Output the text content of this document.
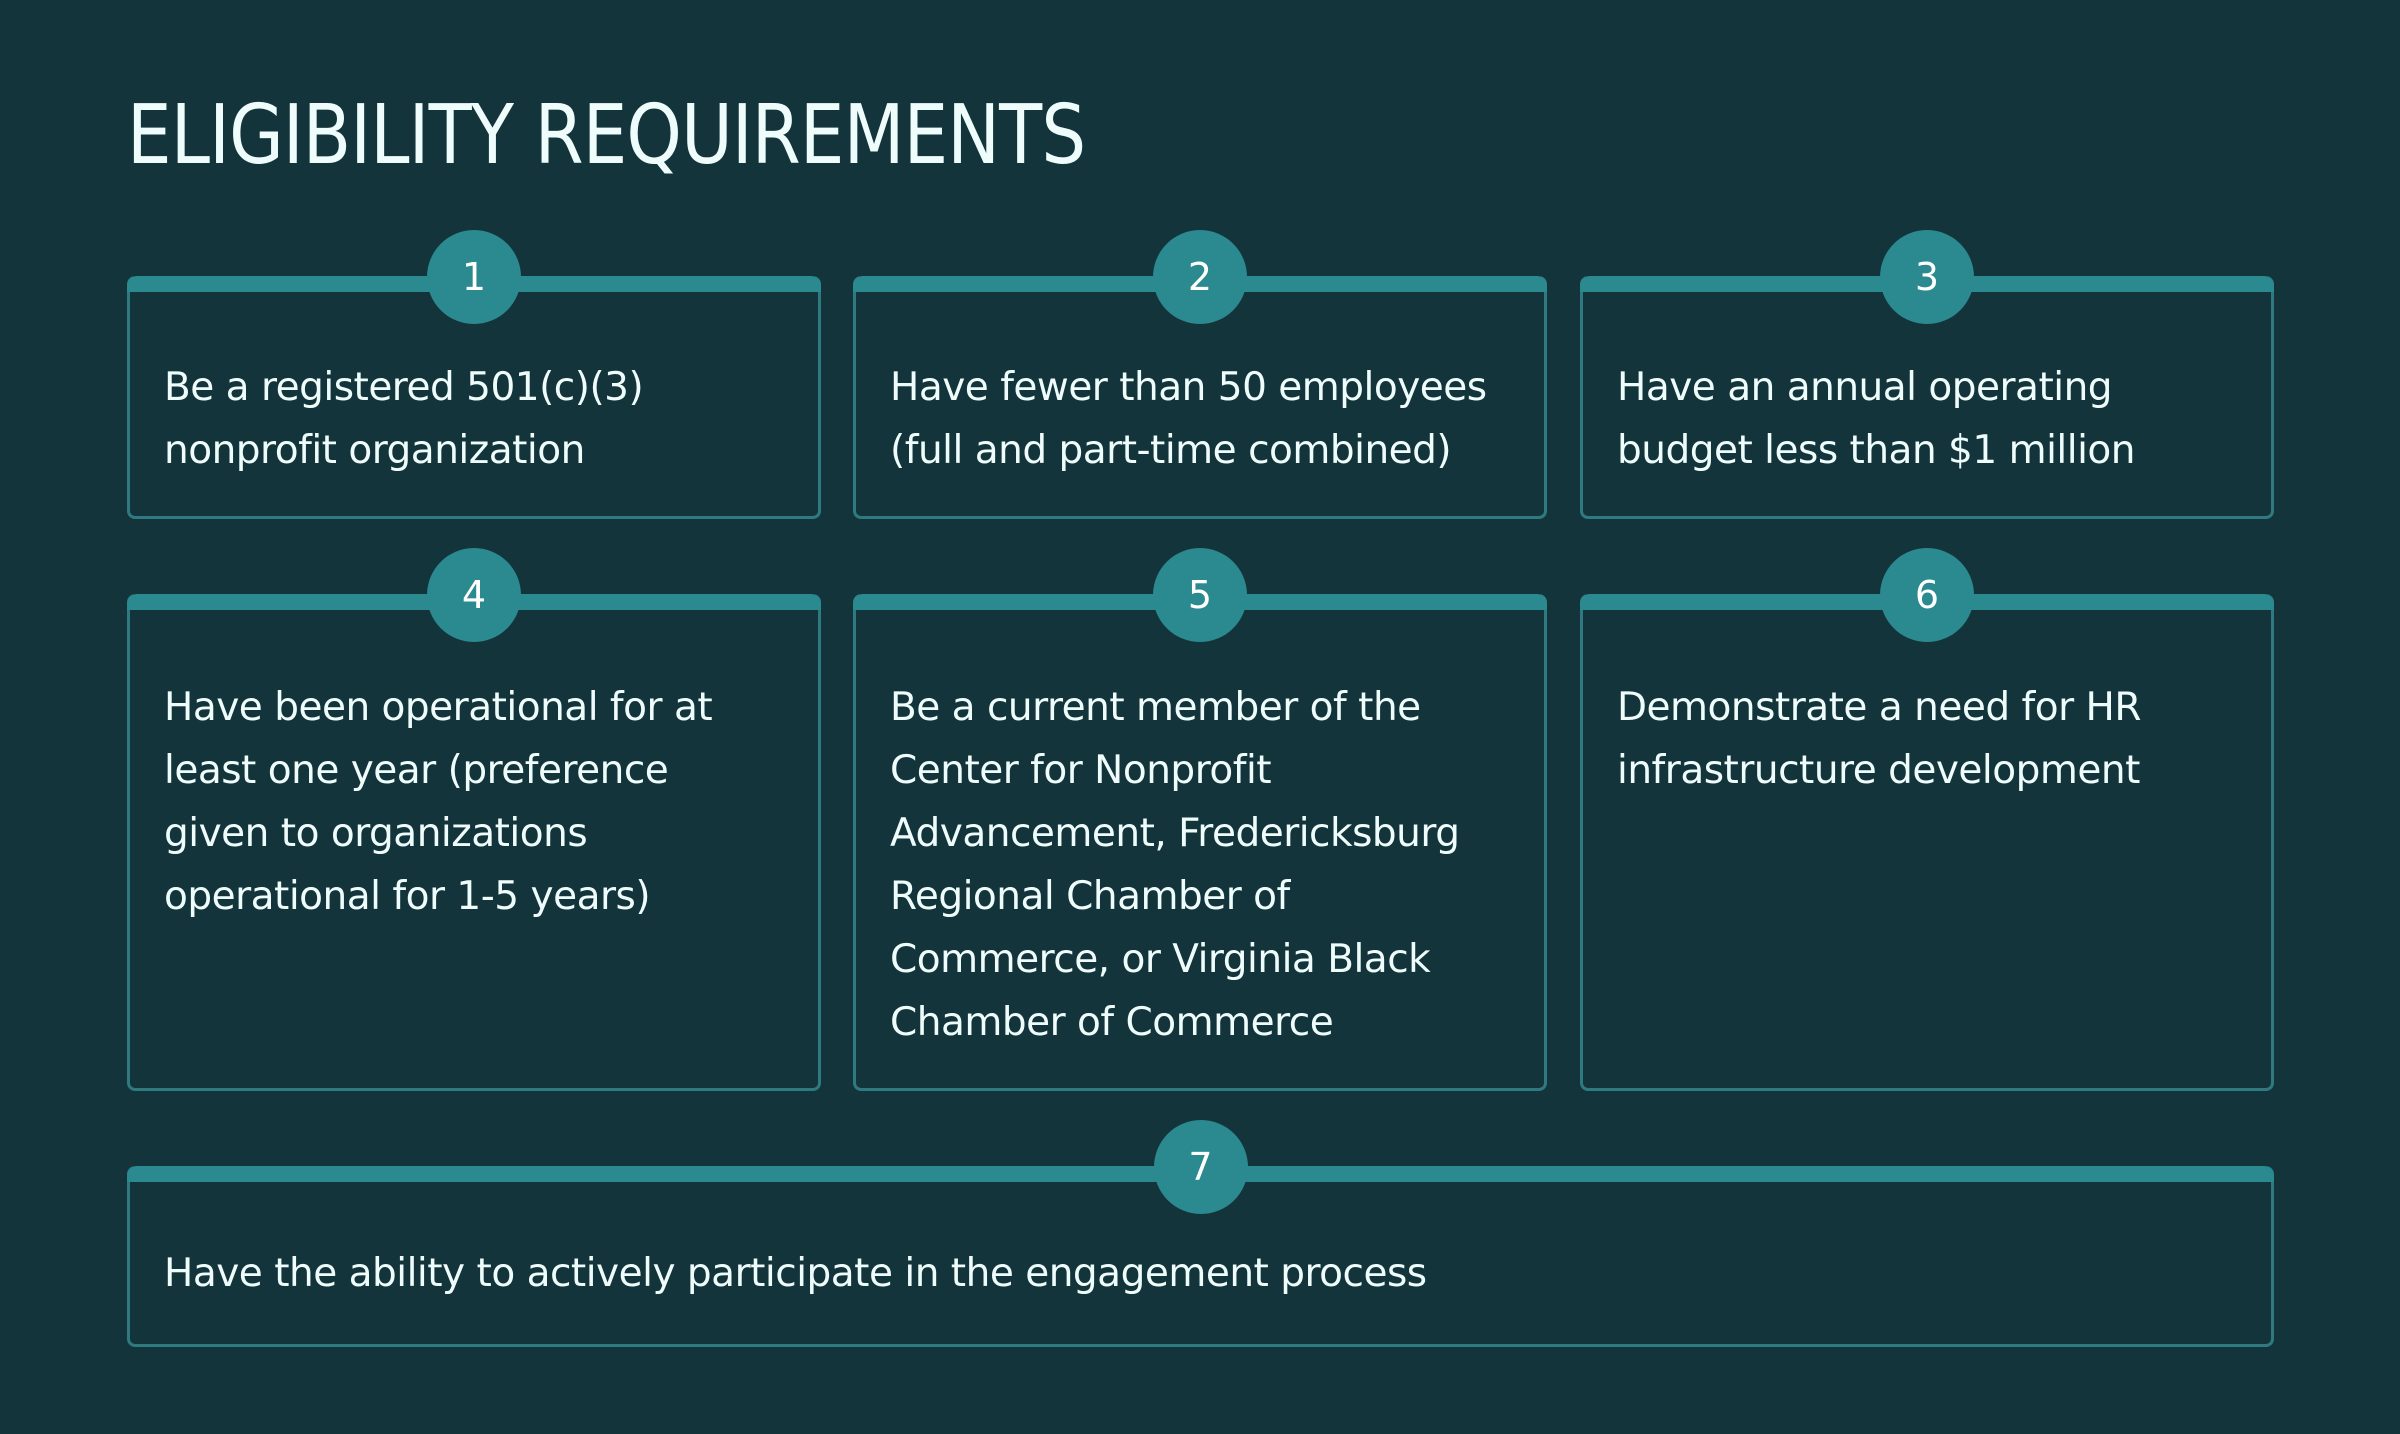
ELIGIBILITY REQUIREMENTS
1
Be a registered 501(c)(3) nonprofit organization
2
Have fewer than 50 employees (full and part-time combined)
3
Have an annual operating budget less than $1 million
4
Have been operational for at least one year (preference given to organizations operational for 1-5 years)
5
Be a current member of the Center for Nonprofit Advancement, Fredericksburg Regional Chamber of Commerce, or Virginia Black Chamber of Commerce
6
Demonstrate a need for HR infrastructure development
7
Have the ability to actively participate in the engagement process
